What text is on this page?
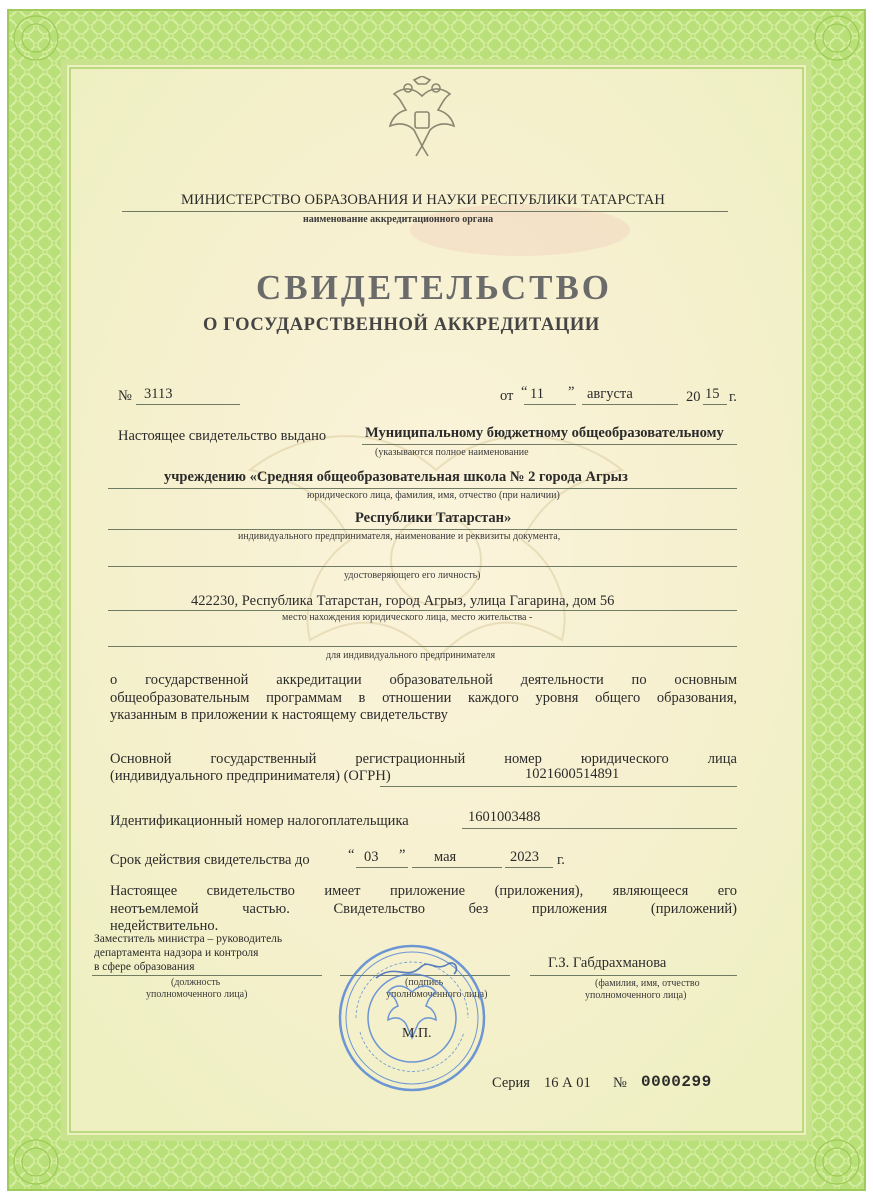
МИНИСТЕРСТВО ОБРАЗОВАНИЯ И НАУКИ РЕСПУБЛИКИ ТАТАРСТАН
наименование аккредитационного органа
СВИДЕТЕЛЬСТВО
О ГОСУДАРСТВЕННОЙ АККРЕДИТАЦИИ
№ 3113	от “ 11 ” августа	20 15 г.
Настоящее свидетельство выдано	Муниципальному бюджетному общеобразовательному
(указываются полное наименование
учреждению «Средняя общеобразовательная школа № 2 города Агрыз
юридического лица, фамилия, имя, отчество (при наличии)
Республики Татарстан»
индивидуального предпринимателя, наименование и реквизиты документа,
удостоверяющего его личность)
422230, Республика Татарстан, город Агрыз, улица Гагарина, дом 56
место нахождения юридического лица, место жительства -
для индивидуального предпринимателя
о государственной аккредитации образовательной деятельности по основным
общеобразовательным программам в отношении каждого уровня общего образования,
указанным в приложении к настоящему свидетельству
Основной государственный регистрационный номер юридического лица
(индивидуального предпринимателя) (ОГРН)	1021600514891
Идентификационный номер налогоплательщика	1601003488
Срок действия свидетельства до	“ 03 ” мая	2023 г.
Настоящее свидетельство имеет приложение (приложения), являющееся его
неотъемлемой частью. Свидетельство без приложения (приложений)
недействительно.
Заместитель министра – руководитель
департамента надзора и контроля
в сфере образования
(должность
уполномоченного лица)
(подпись
уполномоченного лица)
Г.З. Габдрахманова
(фамилия, имя, отчество
уполномоченного лица)
М.П.
Серия 16 А 01 № 0000299
